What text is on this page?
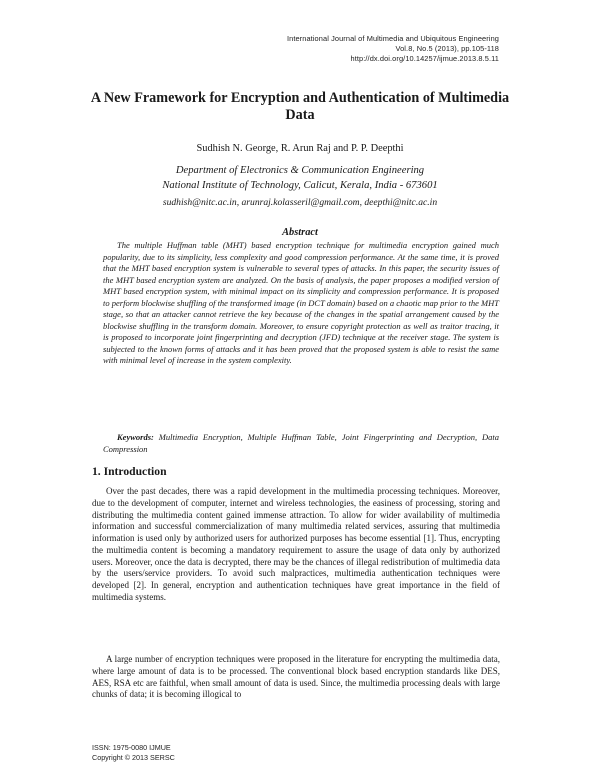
International Journal of Multimedia and Ubiquitous Engineering
Vol.8, No.5 (2013), pp.105-118
http://dx.doi.org/10.14257/ijmue.2013.8.5.11
A New Framework for Encryption and Authentication of Multimedia Data
Sudhish N. George, R. Arun Raj and P. P. Deepthi
Department of Electronics & Communication Engineering
National Institute of Technology, Calicut, Kerala, India - 673601
sudhish@nitc.ac.in, arunraj.kolasseril@gmail.com, deepthi@nitc.ac.in
Abstract

The multiple Huffman table (MHT) based encryption technique for multimedia encryption gained much popularity, due to its simplicity, less complexity and good compression performance. At the same time, it is proved that the MHT based encryption system is vulnerable to several types of attacks. In this paper, the security issues of the MHT based encryption system are analyzed. On the basis of analysis, the paper proposes a modified version of MHT based encryption system, with minimal impact on its simplicity and compression performance. It is proposed to perform blockwise shuffling of the transformed image (in DCT domain) based on a chaotic map prior to the MHT stage, so that an attacker cannot retrieve the key because of the changes in the spatial arrangement caused by the blockwise shuffling in the transform domain. Moreover, to ensure copyright protection as well as traitor tracing, it is proposed to incorporate joint fingerprinting and decryption (JFD) technique at the receiver stage. The system is subjected to the known forms of attacks and it has been proved that the proposed system is able to resist the same with minimal level of increase in the system complexity.

Keywords: Multimedia Encryption, Multiple Huffman Table, Joint Fingerprinting and Decryption, Data Compression

1. Introduction

Over the past decades, there was a rapid development in the multimedia processing techniques. Moreover, due to the development of computer, internet and wireless technologies, the easiness of processing, storing and distributing the multimedia content gained immense attraction. To allow for wider availability of multimedia information and successful commercialization of many multimedia related services, assuring that multimedia information is used only by authorized users for authorized purposes has become essential [1]. Thus, encrypting the multimedia content is becoming a mandatory requirement to assure the usage of data only by authorized users. Moreover, once the data is decrypted, there may be the chances of illegal redistribution of multimedia data by the users/service providers. To avoid such malpractices, multimedia authentication techniques were developed [2]. In general, encryption and authentication techniques have great importance in the field of multimedia systems.

A large number of encryption techniques were proposed in the literature for encrypting the multimedia data, where large amount of data is to be processed. The conventional block based encryption standards like DES, AES, RSA etc are faithful, when small amount of data is used. Since, the multimedia processing deals with large chunks of data; it is becoming illogical to

ISSN: 1975-0080 IJMUE
Copyright © 2013 SERSC
